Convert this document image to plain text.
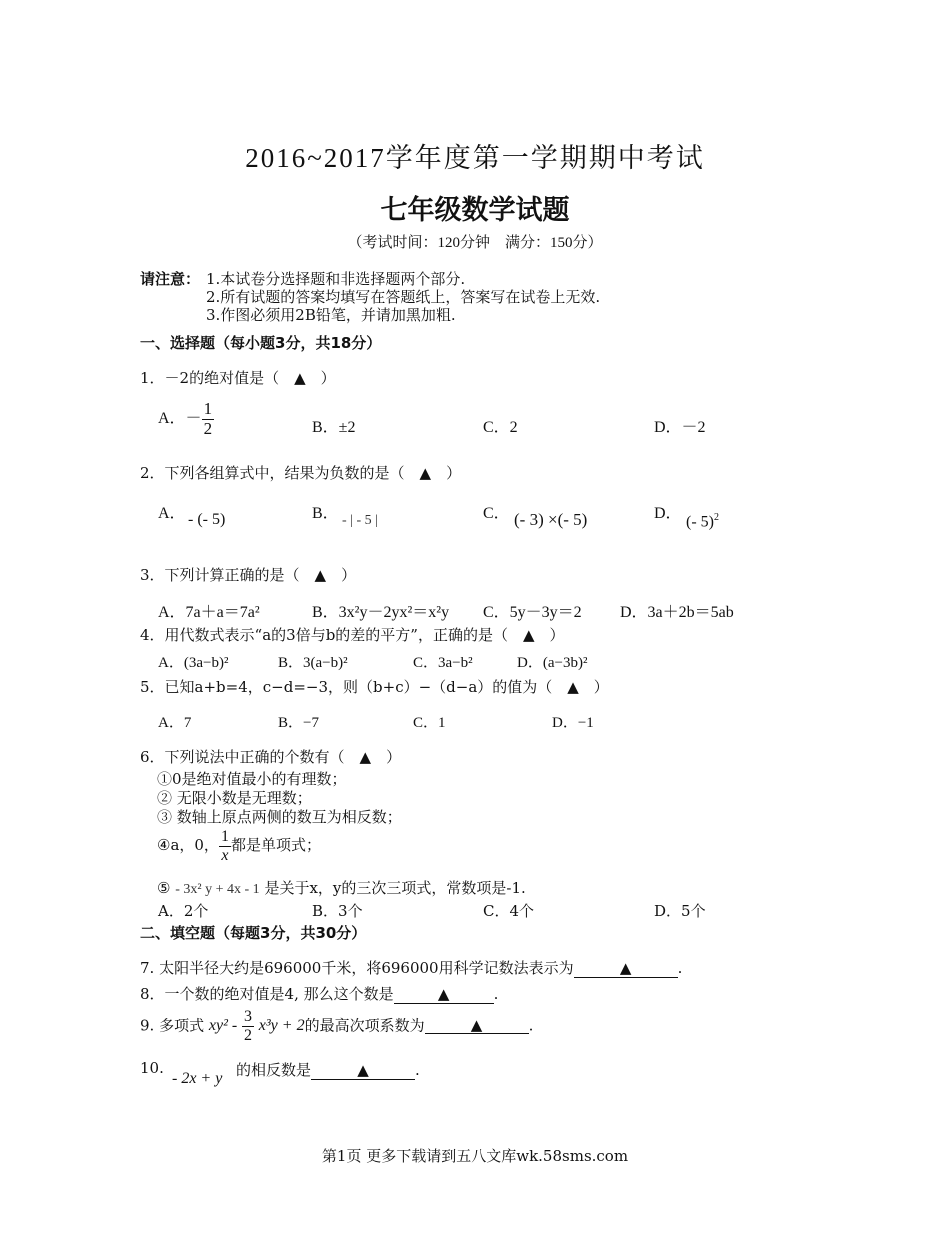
2016~2017学年度第一学期期中考试
七年级数学试题
（考试时间：120分钟　满分：150分）
请注意： 1.本试卷分选择题和非选择题两个部分.
2.所有试题的答案均填写在答题纸上，答案写在试卷上无效.
3.作图必须用2B铅笔，并请加黑加粗.
一、选择题（每小题3分，共18分）
1．－2的绝对值是（　▲　）
A．－ $\frac{1}{2}$	B．±2	C．2	D．－2
2．下列各组算式中，结果为负数的是（　▲　）
A． - (- 5)	B． - | - 5 |	C． (- 3) ×(- 5)	D． (- 5)$^2$
3．下列计算正确的是（　▲　）
A．7a＋a＝7a²	B．3x²y－2yx²＝x²y C．5y－3y＝2 D．3a＋2b＝5ab
4．用代数式表示“a的3倍与b的差的平方”，正确的是（　▲　）
A．(3a−b)²	B．3(a−b)²	C．3a−b²	D．(a−3b)²
5．已知a+b=4，c−d=−3，则（b+c）−（d−a）的值为（　▲　）
A．7	B．−7	C．1	D．−1
6．下列说法中正确的个数有（　▲　）
①0是绝对值最小的有理数；
② 无限小数是无理数；
③ 数轴上原点两侧的数互为相反数；
④a，0， $\frac{1}{x}$ 都是单项式；
⑤ - 3x² y + 4x - 1 是关于x，y的三次三项式，常数项是-1.
A．2个	B．3个	C．4个	D．5个
二、填空题（每题3分，共30分）
7. 太阳半径大约是696000千米，将696000用科学记数法表示为	▲	.
8．一个数的绝对值是4, 那么这个数是	▲	.
9. 多项式 $xy^2 - \frac{3}{2} x^3y + 2$的最高次项系数为	▲	.
10.
- 2x + y 的相反数是	▲	.
第1页 更多下载请到五八文库wk.58sms.com
